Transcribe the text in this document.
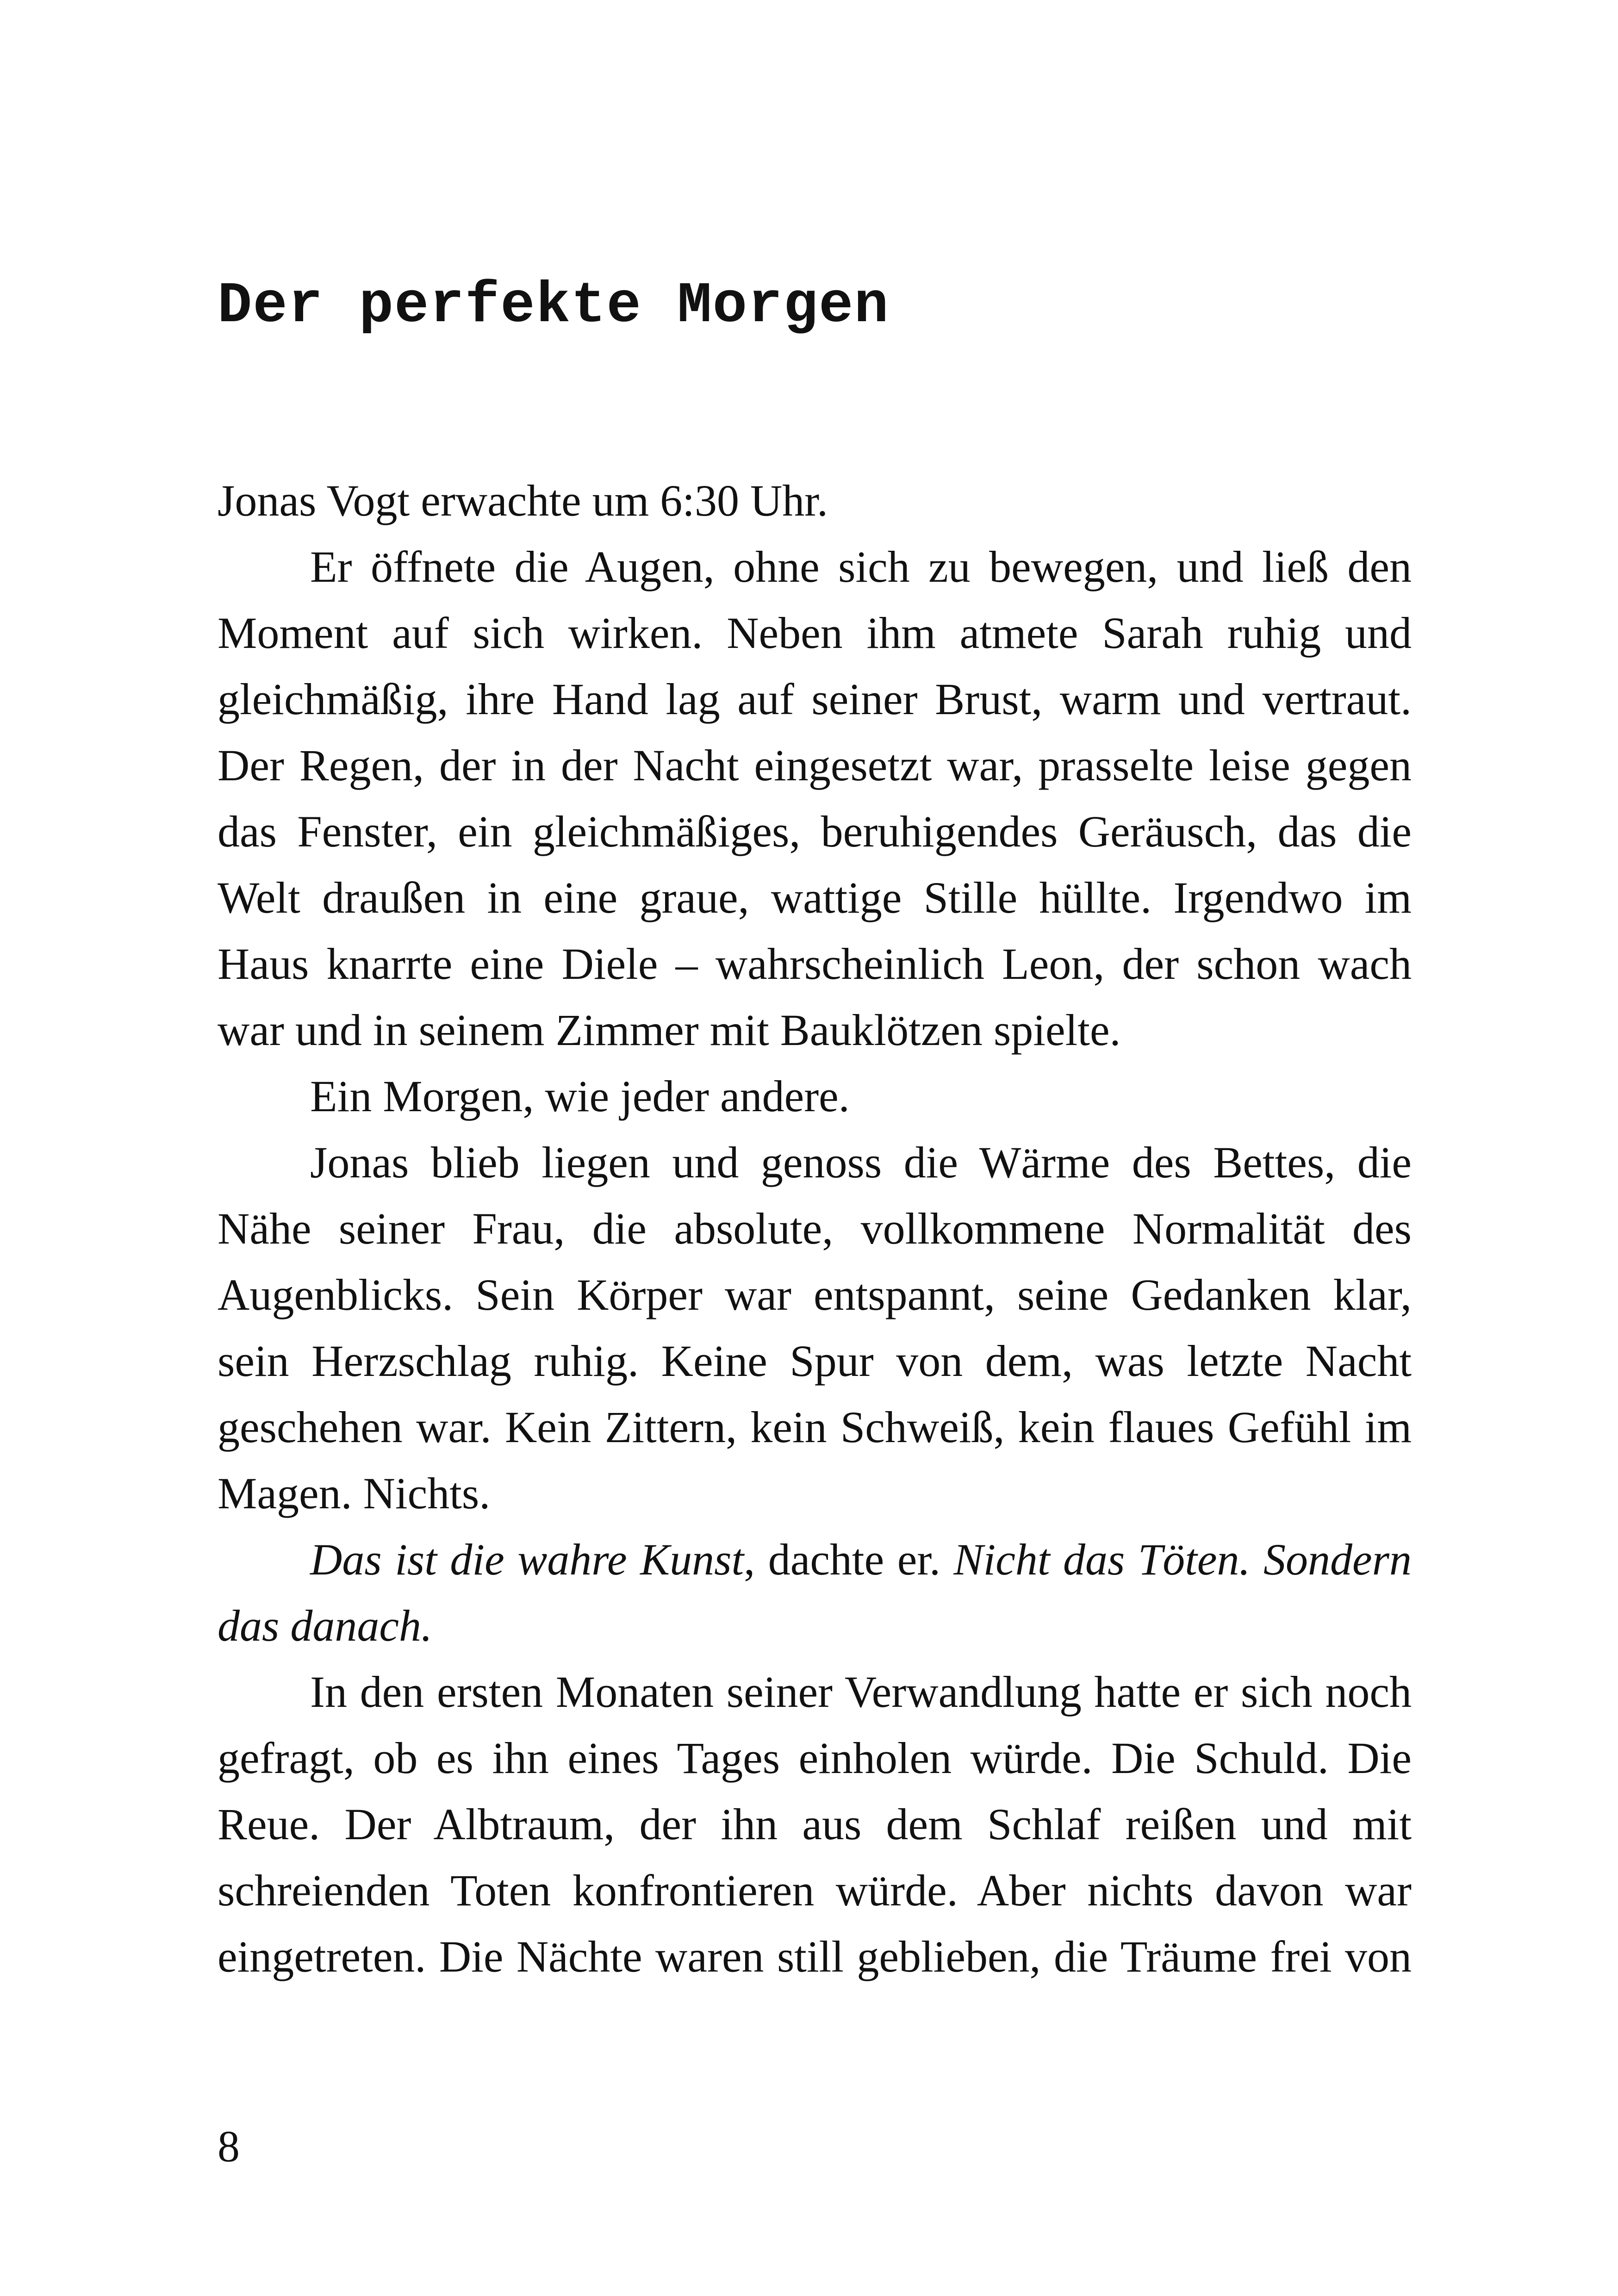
Der perfekte Morgen

Jonas Vogt erwachte um 6:30 Uhr.

Er öffnete die Augen, ohne sich zu bewegen, und ließ den Moment auf sich wirken. Neben ihm atmete Sarah ruhig und gleichmäßig, ihre Hand lag auf seiner Brust, warm und vertraut. Der Regen, der in der Nacht eingesetzt war, prasselte leise gegen das Fenster, ein gleichmäßiges, beruhigendes Geräusch, das die Welt draußen in eine graue, wattige Stille hüllte. Irgendwo im Haus knarrte eine Diele – wahrscheinlich Leon, der schon wach war und in seinem Zimmer mit Bauklötzen spielte.

Ein Morgen, wie jeder andere.

Jonas blieb liegen und genoss die Wärme des Bettes, die Nähe seiner Frau, die absolute, vollkommene Normalität des Augenblicks. Sein Körper war entspannt, seine Gedanken klar, sein Herzschlag ruhig. Keine Spur von dem, was letzte Nacht geschehen war. Kein Zittern, kein Schweiß, kein flaues Gefühl im Magen. Nichts.

Das ist die wahre Kunst, dachte er. Nicht das Töten. Sondern das danach.

In den ersten Monaten seiner Verwandlung hatte er sich noch gefragt, ob es ihn eines Tages einholen würde. Die Schuld. Die Reue. Der Albtraum, der ihn aus dem Schlaf reißen und mit schreienden Toten konfrontieren würde. Aber nichts davon war eingetreten. Die Nächte waren still geblieben, die Träume frei von

8
